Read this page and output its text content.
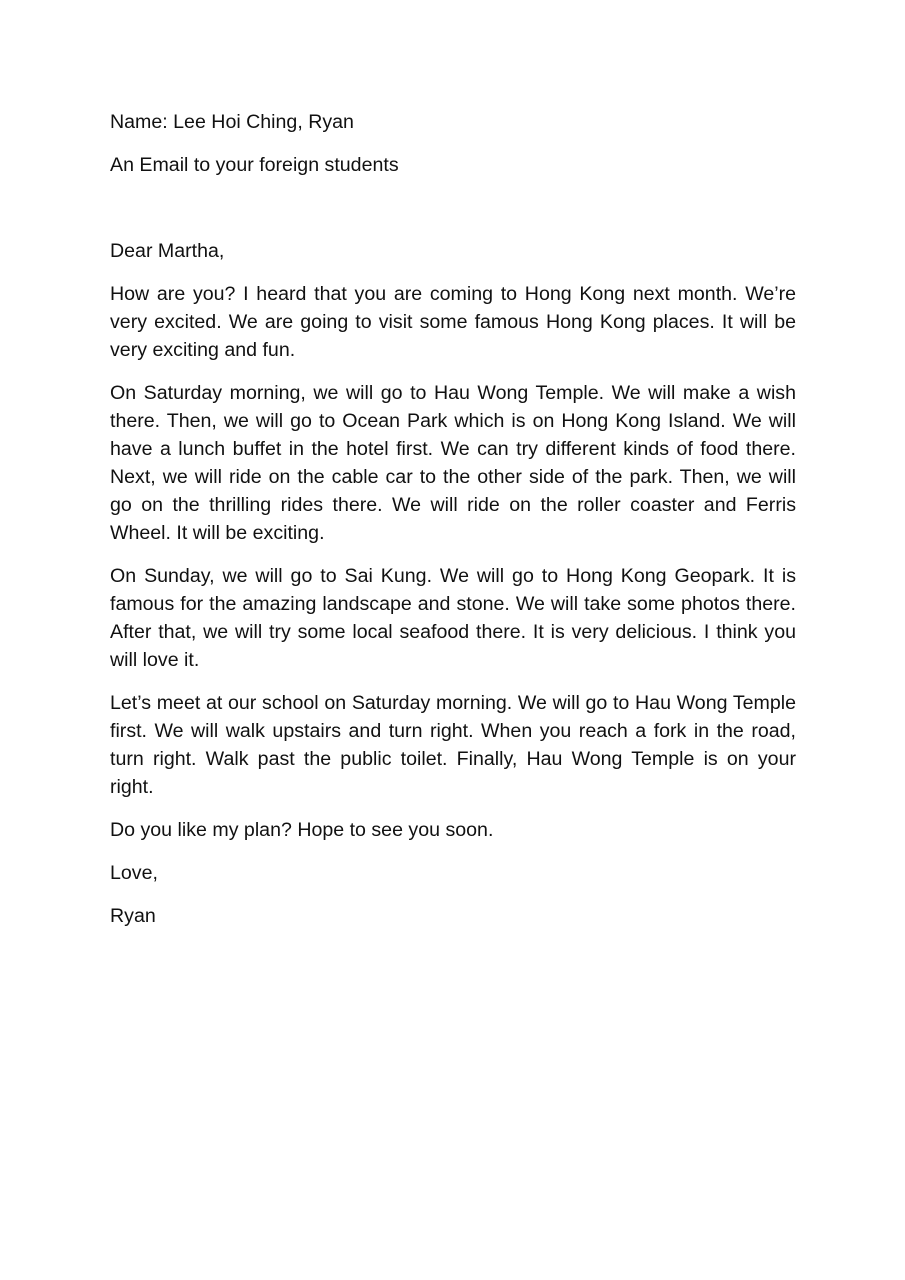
Name: Lee Hoi Ching, Ryan

An Email to your foreign students

Dear Martha,

How are you? I heard that you are coming to Hong Kong next month. We’re very excited. We are going to visit some famous Hong Kong places. It will be very exciting and fun.

On Saturday morning, we will go to Hau Wong Temple. We will make a wish there. Then, we will go to Ocean Park which is on Hong Kong Island. We will have a lunch buffet in the hotel first. We can try different kinds of food there. Next, we will ride on the cable car to the other side of the park. Then, we will go on the thrilling rides there. We will ride on the roller coaster and Ferris Wheel. It will be exciting.

On Sunday, we will go to Sai Kung. We will go to Hong Kong Geopark. It is famous for the amazing landscape and stone. We will take some photos there. After that, we will try some local seafood there. It is very delicious. I think you will love it.

Let’s meet at our school on Saturday morning. We will go to Hau Wong Temple first. We will walk upstairs and turn right. When you reach a fork in the road, turn right. Walk past the public toilet. Finally, Hau Wong Temple is on your right.

Do you like my plan? Hope to see you soon.

Love,

Ryan
